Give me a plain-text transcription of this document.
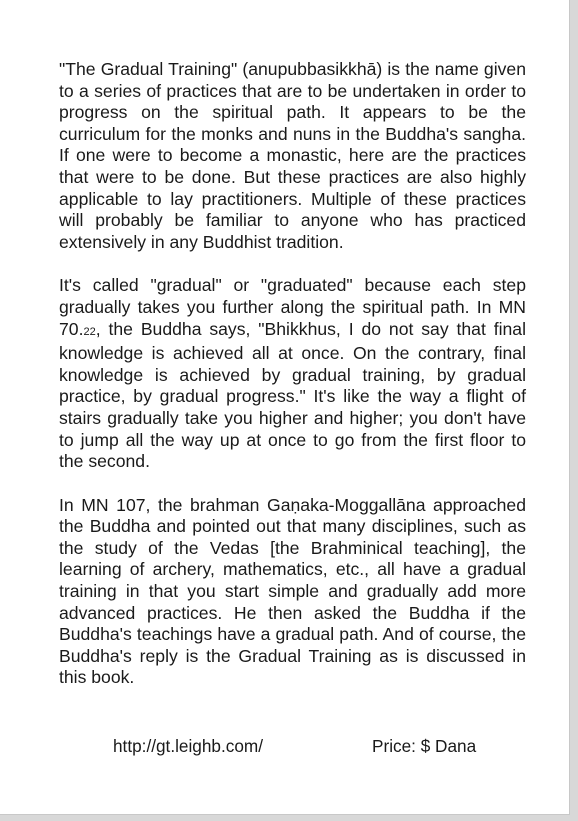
"The Gradual Training" (anupubbasikkhā) is the name given to a series of practices that are to be undertaken in order to progress on the spiritual path. It appears to be the curriculum for the monks and nuns in the Buddha's sangha. If one were to become a monastic, here are the practices that were to be done. But these practices are also highly applicable to lay practitioners. Multiple of these practices will probably be familiar to anyone who has practiced extensively in any Buddhist tradition.

It's called "gradual" or "graduated" because each step gradually takes you further along the spiritual path. In MN 70.22, the Buddha says, "Bhikkhus, I do not say that final knowledge is achieved all at once. On the contrary, final knowledge is achieved by gradual training, by gradual practice, by gradual progress." It's like the way a flight of stairs gradually take you higher and higher; you don't have to jump all the way up at once to go from the first floor to the second.

In MN 107, the brahman Gaṇaka-Moggallāna approached the Buddha and pointed out that many disciplines, such as the study of the Vedas [the Brahminical teaching], the learning of archery, mathematics, etc., all have a gradual training in that you start simple and gradually add more advanced practices. He then asked the Buddha if the Buddha's teachings have a gradual path. And of course, the Buddha's reply is the Gradual Training as is discussed in this book.

http://gt.leighb.com/	Price: $ Dana
